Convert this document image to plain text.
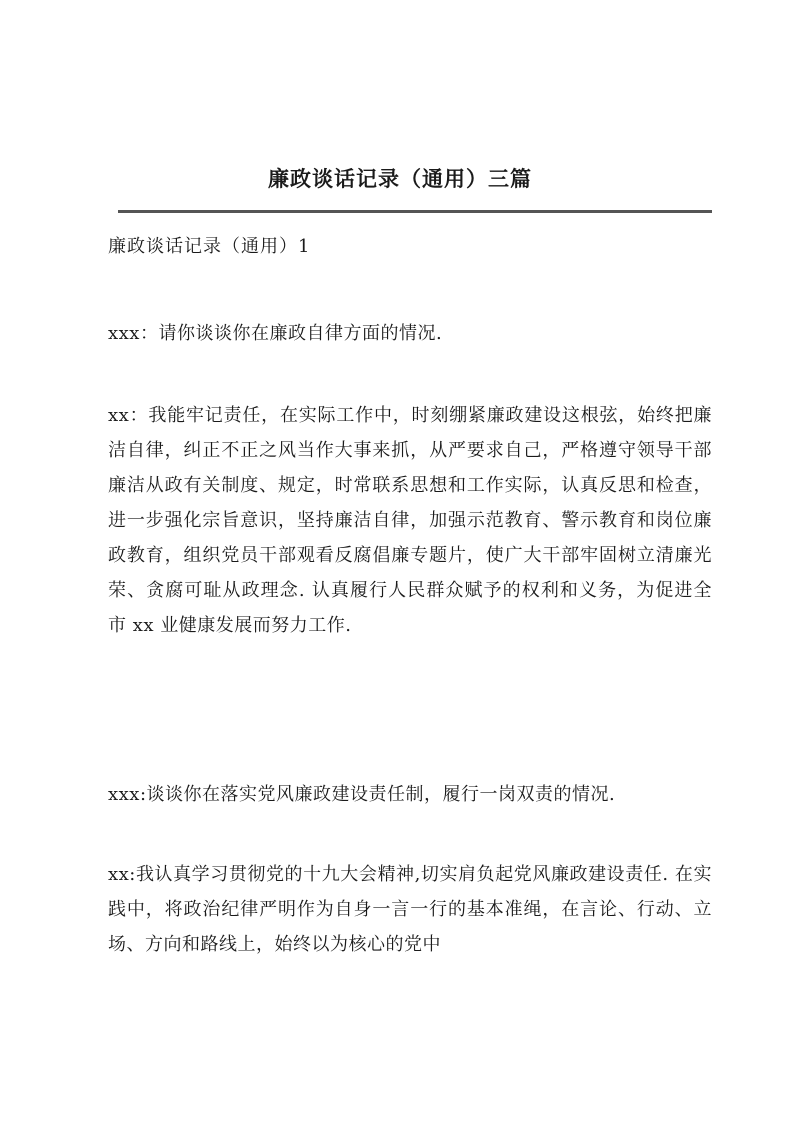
廉政谈话记录（通用）三篇

廉政谈话记录（通用）1

xxx：请你谈谈你在廉政自律方面的情况.

xx：我能牢记责任，在实际工作中，时刻绷紧廉政建设这根弦，始终把廉洁自律，纠正不正之风当作大事来抓，从严要求自己，严格遵守领导干部廉洁从政有关制度、规定，时常联系思想和工作实际，认真反思和检查，进一步强化宗旨意识，坚持廉洁自律，加强示范教育、警示教育和岗位廉政教育，组织党员干部观看反腐倡廉专题片，使广大干部牢固树立清廉光荣、贪腐可耻从政理念. 认真履行人民群众赋予的权利和义务，为促进全市 xx 业健康发展而努力工作.

xxx:谈谈你在落实党风廉政建设责任制，履行一岗双责的情况.

xx:我认真学习贯彻党的十九大会精神,切实肩负起党风廉政建设责任. 在实践中，将政治纪律严明作为自身一言一行的基本准绳，在言论、行动、立场、方向和路线上，始终以为核心的党中
